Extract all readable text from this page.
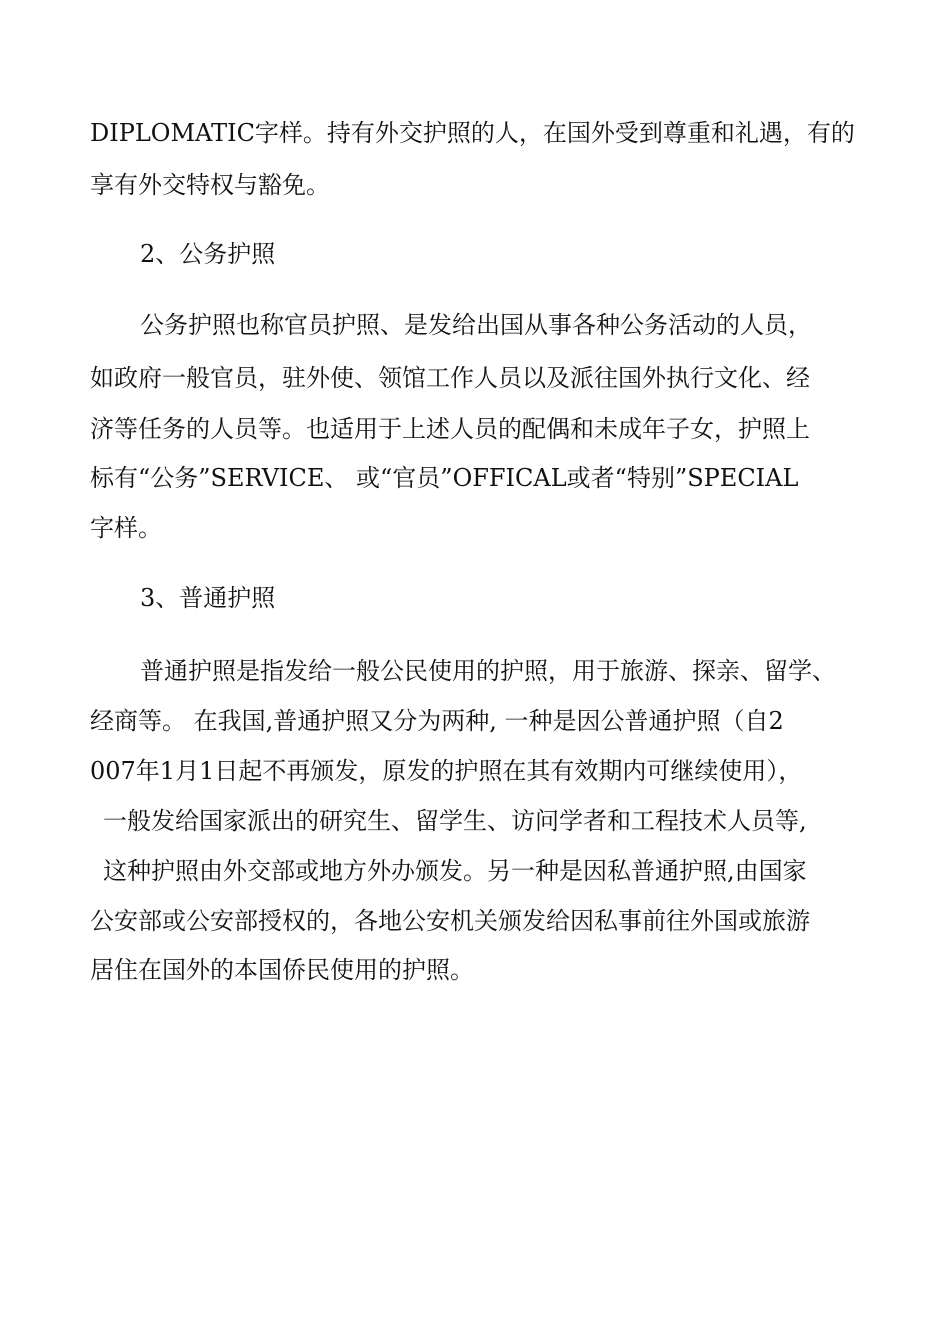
DIPLOMATIC字样。持有外交护照的人，在国外受到尊重和礼遇，有的
享有外交特权与豁免。
2、公务护照
公务护照也称官员护照、是发给出国从事各种公务活动的人员，
如政府一般官员，驻外使、领馆工作人员以及派往国外执行文化、经
济等任务的人员等。也适用于上述人员的配偶和未成年子女，护照上
标有“公务”SERVICE、 或“官员”OFFICAL或者“特别”SPECIAL
字样。
3、普通护照
普通护照是指发给一般公民使用的护照，用于旅游、探亲、留学、
经商等。 在我国,普通护照又分为两种, 一种是因公普通护照（自2
007年1月1日起不再颁发，原发的护照在其有效期内可继续使用），
一般发给国家派出的研究生、留学生、访问学者和工程技术人员等,
这种护照由外交部或地方外办颁发。另一种是因私普通护照,由国家
公安部或公安部授权的，各地公安机关颁发给因私事前往外国或旅游
居住在国外的本国侨民使用的护照。
